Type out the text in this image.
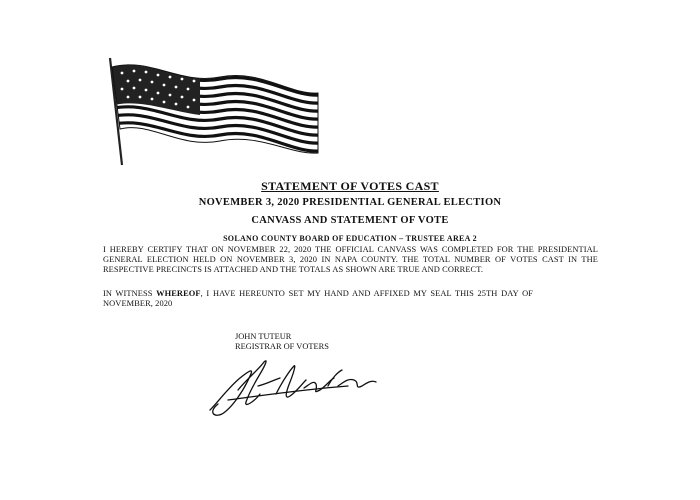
STATEMENT OF VOTES CAST
NOVEMBER 3, 2020 PRESIDENTIAL GENERAL ELECTION
CANVASS AND STATEMENT OF VOTE
SOLANO COUNTY BOARD OF EDUCATION – TRUSTEE AREA 2
I HEREBY CERTIFY THAT ON NOVEMBER 22, 2020 THE OFFICIAL CANVASS WAS COMPLETED FOR THE PRESIDENTIAL GENERAL ELECTION HELD ON NOVEMBER 3, 2020 IN NAPA COUNTY. THE TOTAL NUMBER OF VOTES CAST IN THE RESPECTIVE PRECINCTS IS ATTACHED AND THE TOTALS AS SHOWN ARE TRUE AND CORRECT.
IN WITNESS WHEREOF, I HAVE HEREUNTO SET MY HAND AND AFFIXED MY SEAL THIS 25TH DAY OF NOVEMBER, 2020
JOHN TUTEUR
REGISTRAR OF VOTERS
